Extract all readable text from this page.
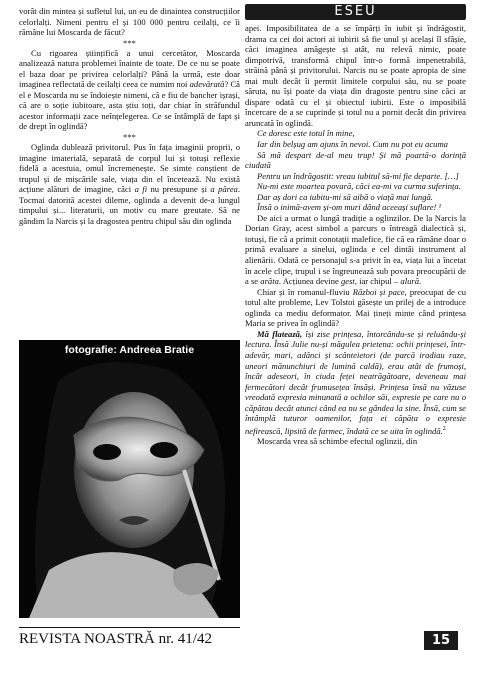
vorât din mintea și sufletul lui, un eu de dinaintea construcțiilor celorlalți. Nimeni pentru el și 100 000 pentru ceilalți, ce îi rămâne lui Moscarda de făcut?

***

Cu rigoarea științifică a unui cercetător, Moscarda analizează natura problemei înainte de toate. De ce nu se poate el baza doar pe privirea celorlalți? Până la urmă, este doar imaginea reflectată de ceilalți ceea ce numim noi adevărată? Că el e Moscarda nu se îndoiește nimeni, că e fiu de bancher ișrași, că are o soție iubitoare, asta știu toți, dar chiar în străfundul acestor informații zace neînțelegerea. Ce se întâmplă de fapt și de drept în oglindă?

***

Oglinda dublează privitorul. Pus în fața imaginii proprii, o imagine imaterială, separată de corpul lui și totuși reflexie fidelă a acestuia, omul încremenește. Se simte conștient de trupul și de mișcările sale, viața din el încetează. Nu există acțiune alături de imagine, căci a fi nu presupune și a părea. Tocmai datorită acestei dileme, oglinda a devenit de-a lungul timpului și... literaturii, un motiv cu mare greutate. Să ne gândim la Narcis și la dragostea pentru chipul său din oglinda

fotografie: Andreea Bratie
ESEU

apei. Imposibilitatea de a se împărți în iubit și îndrăgostit, drama ca cei doi actori ai iubirii să fie unul și același îl sfâșie, căci imaginea amăgește și atât, nu relevă nimic, poate dimpotrivă, transformă chipul într-o formă impenetrabilă, străină până și privitorului. Narcis nu se poate apropia de sine mai mult decât îi permit limitele corpului său, nu se poate săruta, nu își poate da viața din dragoste pentru sine căci ar dispare odată cu el și obiectul iubirii. Este o imposibilă încercare de a se cuprinde și totul nu a pornit decât din privirea aruncată în oglindă.

Ce doresc este totul în mine,

Iar din belșug am ajuns în nevoi. Cum nu pot eu acuma

Să mă despart de-al meu trup! Și mă poartă-o dorință ciudată

Pentru un îndrăgostit: vreau iubitul să-mi fie departe. […]

Nu-mi este moartea povară, căci ea-mi va curma suferința.

Dar aș dori ca iubitu-mi să aibă o viață mai lungă.

Însă o inimă-avem și-om muri dând aceeași suflare! ¹

De aici a urmat o lungă tradiție a oglinzilor. De la Narcis la Dorian Gray, acest simbol a parcurs o întreagă dialectică și, totuși, fie că a primit conotații malefice, fie că ea rămâne doar o primă evaluare a sinelui, oglinda e cel dintâi instrument al alienării. Odată ce personajul s-a privit în ea, viața lui a încetat în acele clipe, trupul i se îngreunează sub povara preocupării de a se arăta. Acțiunea devine gest, iar chipul – alură.

Chiar și în romanul-fluviu Război și pace, preocupat de cu totul alte probleme, Lev Tolstoi găsește un prilej de a introduce oglinda ca mediu deformator. Mai țineți minte când prințesa Maria se privea în oglindă?

Mă flatează, își zise prințesa, întorcându-se și reluându-și lectura. Însă Julie nu-și măgulea prietena: ochii prințesei, într-adevăr, mari, adânci și scânteietori (de parcă iradiau raze, uneori mănunchiuri de lumină caldă), erau atât de frumoși, încât adeseori, în ciuda feței neatrăgătoare, deveneau mai fermecători decât frumusețea însăși. Prințesa însă nu văzuse vreodată expresia minunată a ochilor săi, expresie pe care nu o căpătau decât atunci când ea nu se gândea la sine. Însă, cum se întâmplă tuturor oamenilor, fața ei căpăta o expresie nefirească, lipsită de farmec, îndată ce se uita în oglindă.$^2$

Moscarda vrea să schimbe efectul oglinzii, din

REVISTA NOASTRĂ nr. 41/42	15
